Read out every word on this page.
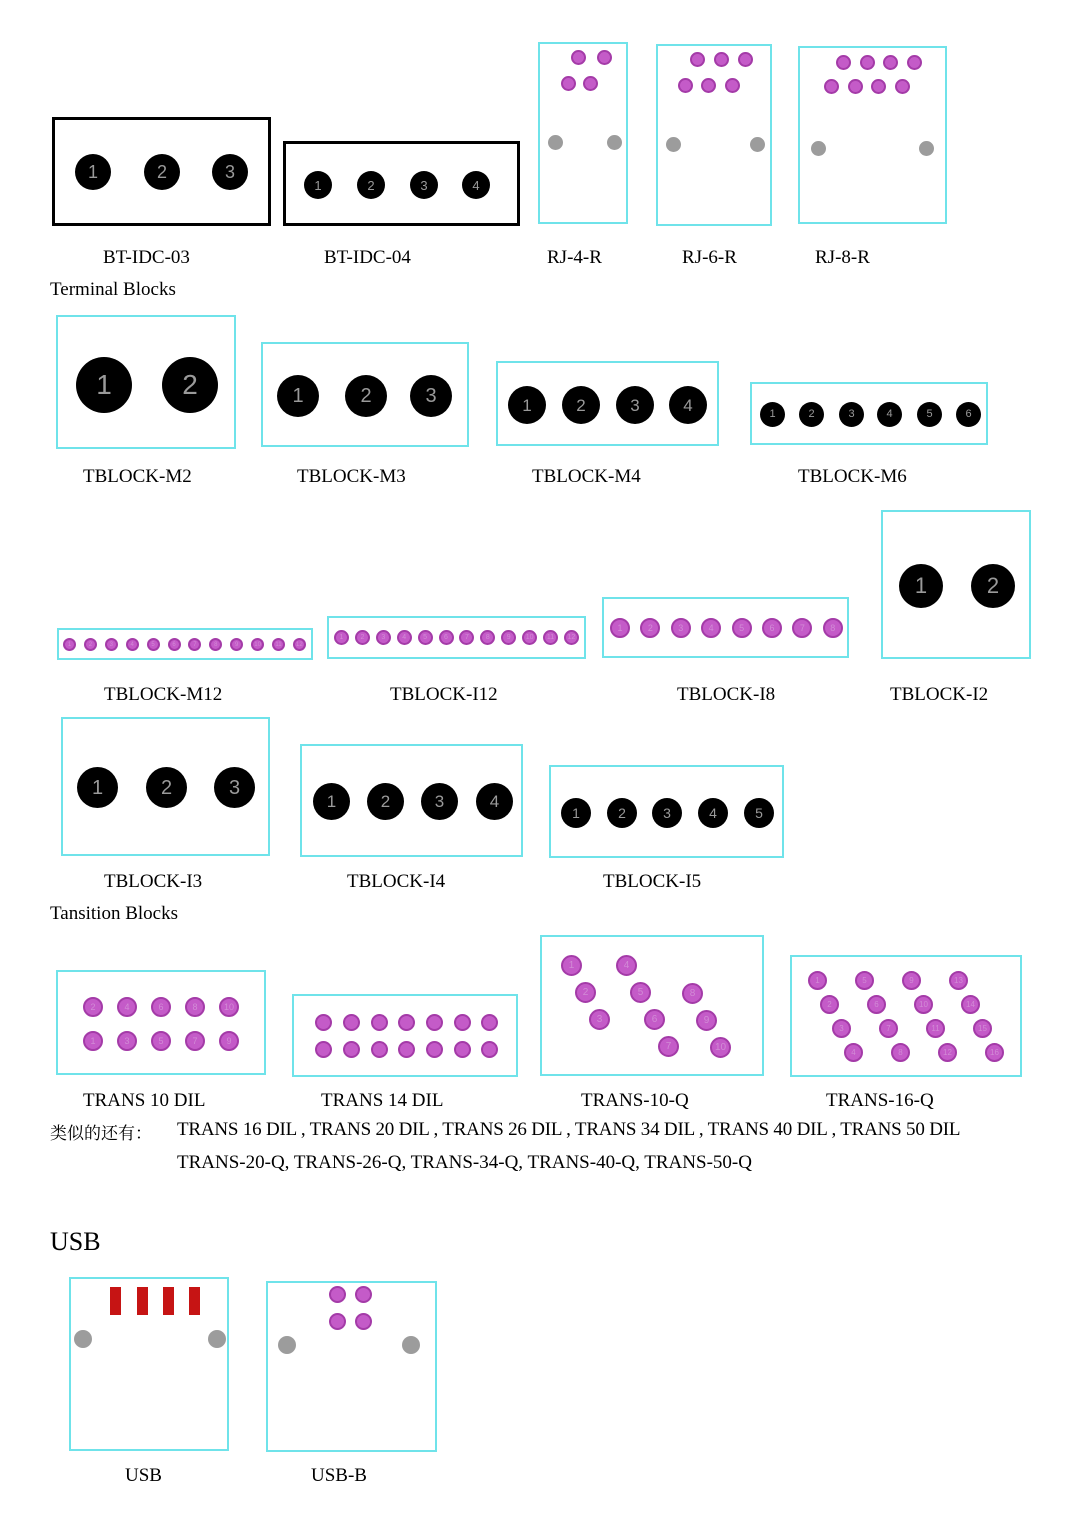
1	2	3
1	2	3	4
BT-IDC-03	BT-IDC-04	RJ-4-R	RJ-6-R	RJ-8-R
Terminal Blocks
1	2	1	2	3	1	2	3	4	1	2	3	4	5	6
TBLOCK-M2	TBLOCK-M3	TBLOCK-M4	TBLOCK-M6
1	2	3	4	5	6	7	8	9	10	11	12
1	2	3	4	5	6	7	8	9	10	11	12
1	2	3	4	5	6	7	8
1	2
TBLOCK-M12	TBLOCK-I12	TBLOCK-I8	TBLOCK-I2
1	2	3
1	2	3	4
1	2	3	4	5
TBLOCK-I3	TBLOCK-I4	TBLOCK-I5
Tansition Blocks
2	4	6	8	10
1	3	5	7	9
1
2
3
4
5
6
7
8
9
10
1
2
3
4
5
6
7
8
9
10
11
12
13
14
15
16
TRANS 10 DIL	TRANS 14 DIL	TRANS-10-Q	TRANS-16-Q
类似的还有： TRANS 16 DIL , TRANS 20 DIL , TRANS 26 DIL , TRANS 34 DIL , TRANS 40 DIL , TRANS 50 DIL
TRANS-20-Q, TRANS-26-Q, TRANS-34-Q, TRANS-40-Q, TRANS-50-Q
USB
USB	USB-B
